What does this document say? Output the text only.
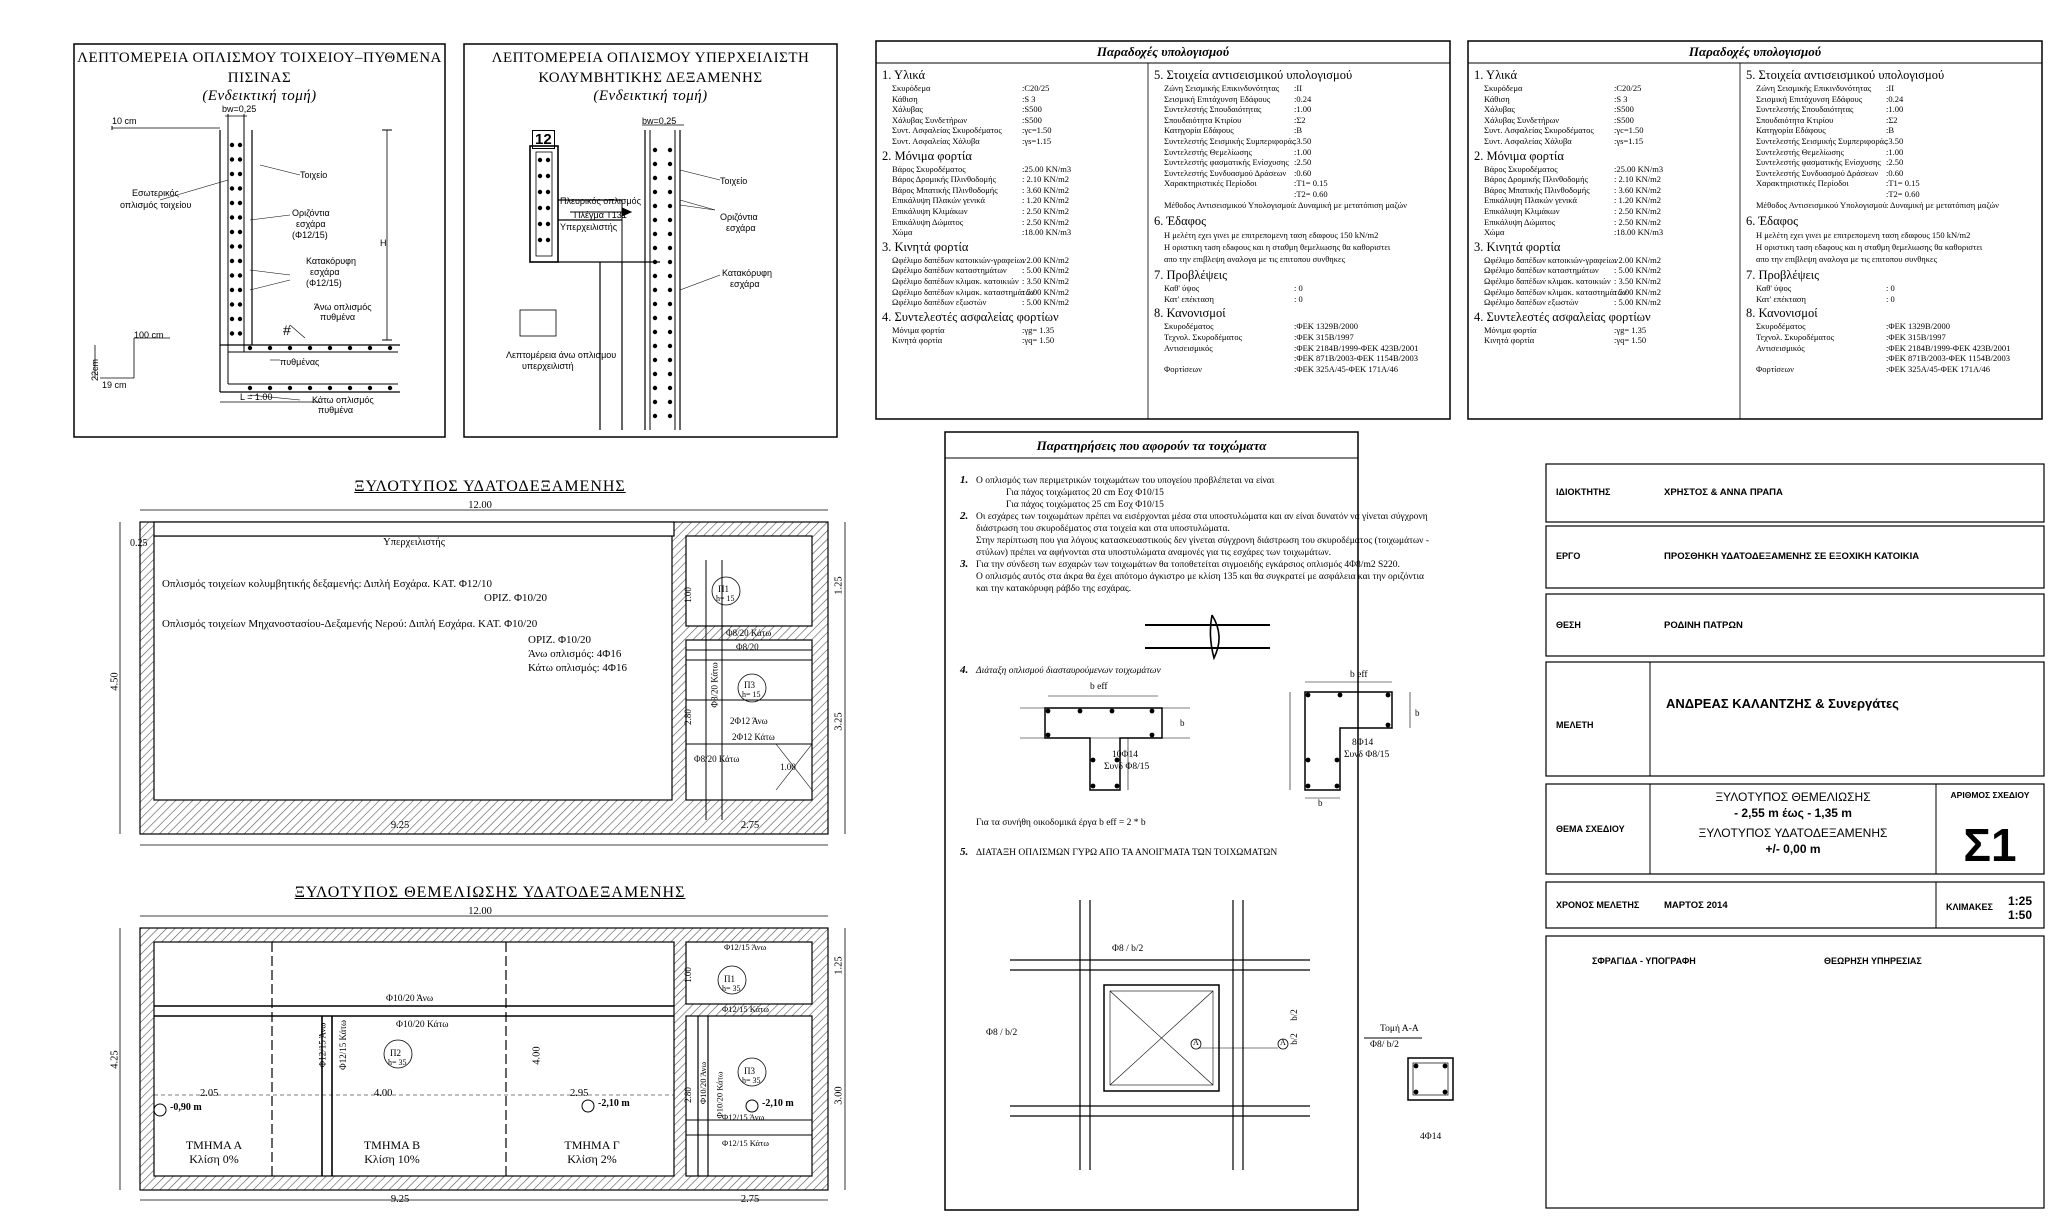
ΛΕΠΤΟΜΕΡΕΙΑ ΟΠΛΙΣΜΟΥ ΤΟΙΧΕΙΟΥ–ΠΥΘΜΕΝΑ
ΠΙΣΙΝΑΣ
(Ενδεικτική τομή)
bw=0,25
10 cm
Εσωτερικός
οπλισμός τοιχείου
Τοιχείο
Οριζόντια
εσχάρα
(Φ12/15)
Κατακόρυφη
εσχάρα
(Φ12/15)
Άνω οπλισμός
πυθμένα
#
πυθμένας
Κάτω οπλισμός
πυθμένα
100 cm
22cm
19 cm
L = 1.00
H
ΛΕΠΤΟΜΕΡΕΙΑ ΟΠΛΙΣΜΟΥ ΥΠΕΡΧΕΙΛΙΣΤΗ
ΚΟΛΥΜΒΗΤΙΚΗΣ ΔΕΞΑΜΕΝΗΣ
(Ενδεικτική τομή)
12
bw=0,25
Πλευρικός οπλισμός
Πλέγμα Τ131
Υπερχειλιστής
Τοιχείο
Οριζόντια
εσχάρα
Κατακόρυφη
εσχάρα
Λεπτομέρεια άνω οπλισμου
υπερχειλιστή
Παραδοχές υπολογισμού
1. Υλικά
Σκυρόδεμα	:C20/25
Κάθιση	:S 3
Χάλυβας	:S500
Χάλυβας Συνδετήρων	:S500
Συντ. Ασφαλείας Σκυροδέματος :γc=1.50
Συντ. Ασφαλείας Χάλυβα	:γs=1.15
2. Μόνιμα φορτία
Βάρος Σκυροδέματος	:25.00 KN/m3
Βάρος Δρομικής Πλινθοδομής	: 2.10 KN/m2
Βάρος Μπατικής Πλινθοδομής	: 3.60 KN/m2
Επικάλυψη Πλακών γενικά	: 1.20 KN/m2
Επικάλυψη Κλιμάκων	: 2.50 KN/m2
Επικάλυψη Δώματος	: 2.50 KN/m2
Χώμα	:18.00 KN/m3
3. Κινητά φορτία
Ωφέλιμο δαπέδων κατοικιών-γραφείων
: 2.00 KN/m2
Ωφέλιμο δαπέδων καταστημάτων : 5.00 KN/m2
Ωφέλιμο δαπέδων κλιμακ. κατοικιών : 3.50 KN/m2
Ωφέλιμο δαπέδων κλιμακ. καταστημάτων
: 5.00 KN/m2
Ωφέλιμο δαπέδων εξωστών	: 5.00 KN/m2
4. Συντελεστές ασφαλείας φορτίων
Μόνιμα φορτία	:γg= 1.35
Κινητά φορτία	:γq= 1.50
5. Στοιχεία αντισεισμικού υπολογισμού
Ζώνη Σεισμικής Επικινδυνότητας :II
Σεισμική Επιτάχυνση Εδάφους	:0.24
Συντελεστής Σπουδαιότητας	:1.00
Σπουδαιότητα Κτιρίου	:Σ2
Κατηγορία Εδάφους	:B
Συντελεστής Σεισμικής Συμπεριφοράς
:3.50
Συντελεστής Θεμελίωσης	:1.00
Συντελεστής φασματικής Ενίσχυσης :2.50
Συντελεστής Συνδυασμού Δράσεων :0.60
Χαρακτηριστικές Περίοδοι	:T1= 0.15
:T2= 0.60
Μέθοδος Αντισεισμικού Υπολογισμού : Δυναμική με μετατόπιση μαζών
6. Έδαφος
Η μελέτη εχει γινει με επιτρεπομενη ταση εδαφους 150 kN/m2
Η οριστικη τaση εδaφους και η σταθμη θεμελιωσης θα καθοριστει
απο την επιβλεψη αναλογα με τις επιτοπου συνθηκες
7. Προβλέψεις
Καθ' ύψος	: 0
Κατ' επέκταση	: 0
8. Κανονισμοί
Σκυροδέματος	:ΦΕΚ 1329Β/2000
Τεχνολ. Σκυροδέματος	:ΦΕΚ 315Β/1997
Αντισεισμικός	:ΦΕΚ 2184Β/1999-ΦΕΚ 423Β/2001
:ΦΕΚ 871Β/2003-ΦΕΚ 1154Β/2003
Φορτίσεων	:ΦΕΚ 325Α/45-ΦΕΚ 171Α/46
Παραδοχές υπολογισμού
1. Υλικά
Σκυρόδεμα	:C20/25
Κάθιση	:S 3
Χάλυβας	:S500
Χάλυβας Συνδετήρων	:S500
Συντ. Ασφαλείας Σκυροδέματος :γc=1.50
Συντ. Ασφαλείας Χάλυβα	:γs=1.15
2. Μόνιμα φορτία
Βάρος Σκυροδέματος	:25.00 KN/m3
Βάρος Δρομικής Πλινθοδομής	: 2.10 KN/m2
Βάρος Μπατικής Πλινθοδομής	: 3.60 KN/m2
Επικάλυψη Πλακών γενικά	: 1.20 KN/m2
Επικάλυψη Κλιμάκων	: 2.50 KN/m2
Επικάλυψη Δώματος	: 2.50 KN/m2
Χώμα	:18.00 KN/m3
3. Κινητά φορτία
Ωφέλιμο δαπέδων κατοικιών-γραφείων
: 2.00 KN/m2
Ωφέλιμο δαπέδων καταστημάτων : 5.00 KN/m2
Ωφέλιμο δαπέδων κλιμακ. κατοικιών : 3.50 KN/m2
Ωφέλιμο δαπέδων κλιμακ. καταστημάτων
: 5.00 KN/m2
Ωφέλιμο δαπέδων εξωστών	: 5.00 KN/m2
4. Συντελεστές ασφαλείας φορτίων
Μόνιμα φορτία	:γg= 1.35
Κινητά φορτία	:γq= 1.50
5. Στοιχεία αντισεισμικού υπολογισμού
Ζώνη Σεισμικής Επικινδυνότητας :II
Σεισμική Επιτάχυνση Εδάφους	:0.24
Συντελεστής Σπουδαιότητας	:1.00
Σπουδαιότητα Κτιρίου	:Σ2
Κατηγορία Εδάφους	:B
Συντελεστής Σεισμικής Συμπεριφοράς
:3.50
Συντελεστής Θεμελίωσης	:1.00
Συντελεστής φασματικής Ενίσχυσης :2.50
Συντελεστής Συνδυασμού Δράσεων :0.60
Χαρακτηριστικές Περίοδοι	:T1= 0.15
:T2= 0.60
Μέθοδος Αντισεισμικού Υπολογισμού : Δυναμική με μετατόπιση μαζών
6. Έδαφος
Η μελέτη εχει γινει με επιτρεπομενη ταση εδαφους 150 kN/m2
Η οριστικη τaση εδaφους και η σταθμη θεμελιωσης θα καθοριστει
απο την επιβλεψη αναλογα με τις επιτοπου συνθηκες
7. Προβλέψεις
Καθ' ύψος	: 0
Κατ' επέκταση	: 0
8. Κανονισμοί
Σκυροδέματος	:ΦΕΚ 1329Β/2000
Τεχνολ. Σκυροδέματος	:ΦΕΚ 315Β/1997
Αντισεισμικός	:ΦΕΚ 2184Β/1999-ΦΕΚ 423Β/2001
:ΦΕΚ 871Β/2003-ΦΕΚ 1154Β/2003
Φορτίσεων	:ΦΕΚ 325Α/45-ΦΕΚ 171Α/46
Παρατηρήσεις που αφορούν τα τοιχώματα
1. Ο οπλισμός των περιμετρικών τοιχωμάτων του υπογείου προβλέπεται να είναι
Για πάχος τοιχώματος 20 cm Εσχ Φ10/15
Για πάχος τοιχώματος 25 cm Εσχ Φ10/15
2. Οι εσχάρες των τοιχωμάτων πρέπει να εισέρχονται μέσα στα υποστυλώματα και αν είναι δυνατόν να γίνεται σύγχρονη
διάστρωση του σκυροδέματος στα τοιχεία και στα υποστυλώματα.
Στην περίπτωση που για λόγους κατασκευαστικούς δεν γίνεται σύγχρονη διάστρωση του σκυροδέματος (τοιχωμάτων -
στύλων) πρέπει να αφήνονται στα υποστυλώματα αναμονές για τις εσχάρες των τοιχωμάτων.
3. Για την σύνδεση των εσχαρών των τοιχωμάτων θα τοποθετείται σιγμοειδής εγκάρσιος οπλισμός 4Φ8/m2 S220.
Ο οπλισμός αυτός στα άκρα θα έχει απότομο άγκιστρο με κλίση 135 και θα συγκρατεί με ασφάλεια και την οριζόντια
και την κατακόρυφη ράβδο της εσχάρας.
4. Διάταξη οπλισμού διασταυρούμενων τοιχωμάτων
b eff
b eff
b
b
b
10Φ14
Συνδ Φ8/15
8Φ14
Συνδ Φ8/15
Για τα συνήθη οικοδομικά έργα b eff = 2 * b
5. ΔΙΑΤΑΞΗ ΟΠΛΙΣΜΩΝ ΓΥΡΩ ΑΠΟ ΤΑ ΑΝΟΙΓΜΑΤΑ ΤΩΝ ΤΟΙΧΩΜΑΤΩΝ
Φ8 / b/2
Φ8 / b/2
b/2
b/2
A	A
Τομή Α-Α
Φ8/ b/2
4Φ14
ΞΥΛΟΤΥΠΟΣ ΥΔΑΤΟΔΕΞΑΜΕΝΗΣ
12.00
9.25	2.75
4.50
1.25
3.25
0.25	Υπερχειλιστής
Οπλισμός τοιχείων κολυμβητικής δεξαμενής: Διπλή Εσχάρα. ΚΑΤ. Φ12/10
ΟΡΙΖ. Φ10/20
Οπλισμός τοιχείων Μηχανοστασίου-Δεξαμενής Νερού: Διπλή Εσχάρα. ΚΑΤ. Φ10/20
ΟΡΙΖ. Φ10/20
Άνω οπλισμός: 4Φ16
Κάτω οπλισμός: 4Φ16
Π1
h= 15
Π3
h= 15
Φ8/20 Κάτω
Φ8/20
Φ8/20 Κάτω
2Φ12 Άνω
2Φ12 Κάτω
Φ8/20 Κάτω
1.00
2.80
1.00
ΞΥΛΟΤΥΠΟΣ ΘΕΜΕΛΙΩΣΗΣ ΥΔΑΤΟΔΕΞΑΜΕΝΗΣ
12.00
9.25	2.75
4.25
1.25
3.00
2.05	4.00	2.95
4.00
-0,90 m	-2,10 m	-2,10 m
ΤΜΗΜΑ Α
Κλίση 0%
ΤΜΗΜΑ Β
Κλίση 10%
ΤΜΗΜΑ Γ
Κλίση 2%
Φ10/20 Άνω
Φ10/20 Κάτω
Φ12/15 Άνω Φ12/15 Κάτω
Π1
h= 35
Π2
h= 35
Π3
h= 35
Φ12/15 Άνω
Φ12/15 Κάτω
Φ12/15 Άνω
Φ12/15 Κάτω
Φ10/20 Άνω Φ10/20 Κάτω
1.00
2.80
ΙΔΙΟΚΤΗΤΗΣ	ΧΡΗΣΤΟΣ & ΑΝΝΑ ΠΡΑΠΑ
ΕΡΓΟ	ΠΡΟΣΘΗΚΗ ΥΔΑΤΟΔΕΞΑΜΕΝΗΣ ΣΕ ΕΞΟΧΙΚΗ ΚΑΤΟΙΚΙΑ
ΘΕΣΗ	ΡΟΔΙΝΗ ΠΑΤΡΩΝ
ΜΕΛΕΤΗ
ΑΝΔΡΕΑΣ ΚΑΛΑΝΤΖΗΣ & Συνεργάτες
ΘΕΜΑ ΣΧΕΔΙΟΥ
ΞΥΛΟΤΥΠΟΣ ΘΕΜΕΛΙΩΣΗΣ
- 2,55 m έως - 1,35 m
ΞΥΛΟΤΥΠΟΣ ΥΔΑΤΟΔΕΞΑΜΕΝΗΣ
+/- 0,00 m
ΑΡΙΘΜΟΣ ΣΧΕΔΙΟΥ
Σ1
ΧΡΟΝΟΣ ΜΕΛΕΤΗΣ	ΜΑΡΤΟΣ 2014	ΚΛΙΜΑΚΕΣ 1:25
1:50
ΣΦΡΑΓΙΔΑ - ΥΠΟΓΡΑΦΗ	ΘΕΩΡΗΣΗ ΥΠΗΡΕΣΙΑΣ
